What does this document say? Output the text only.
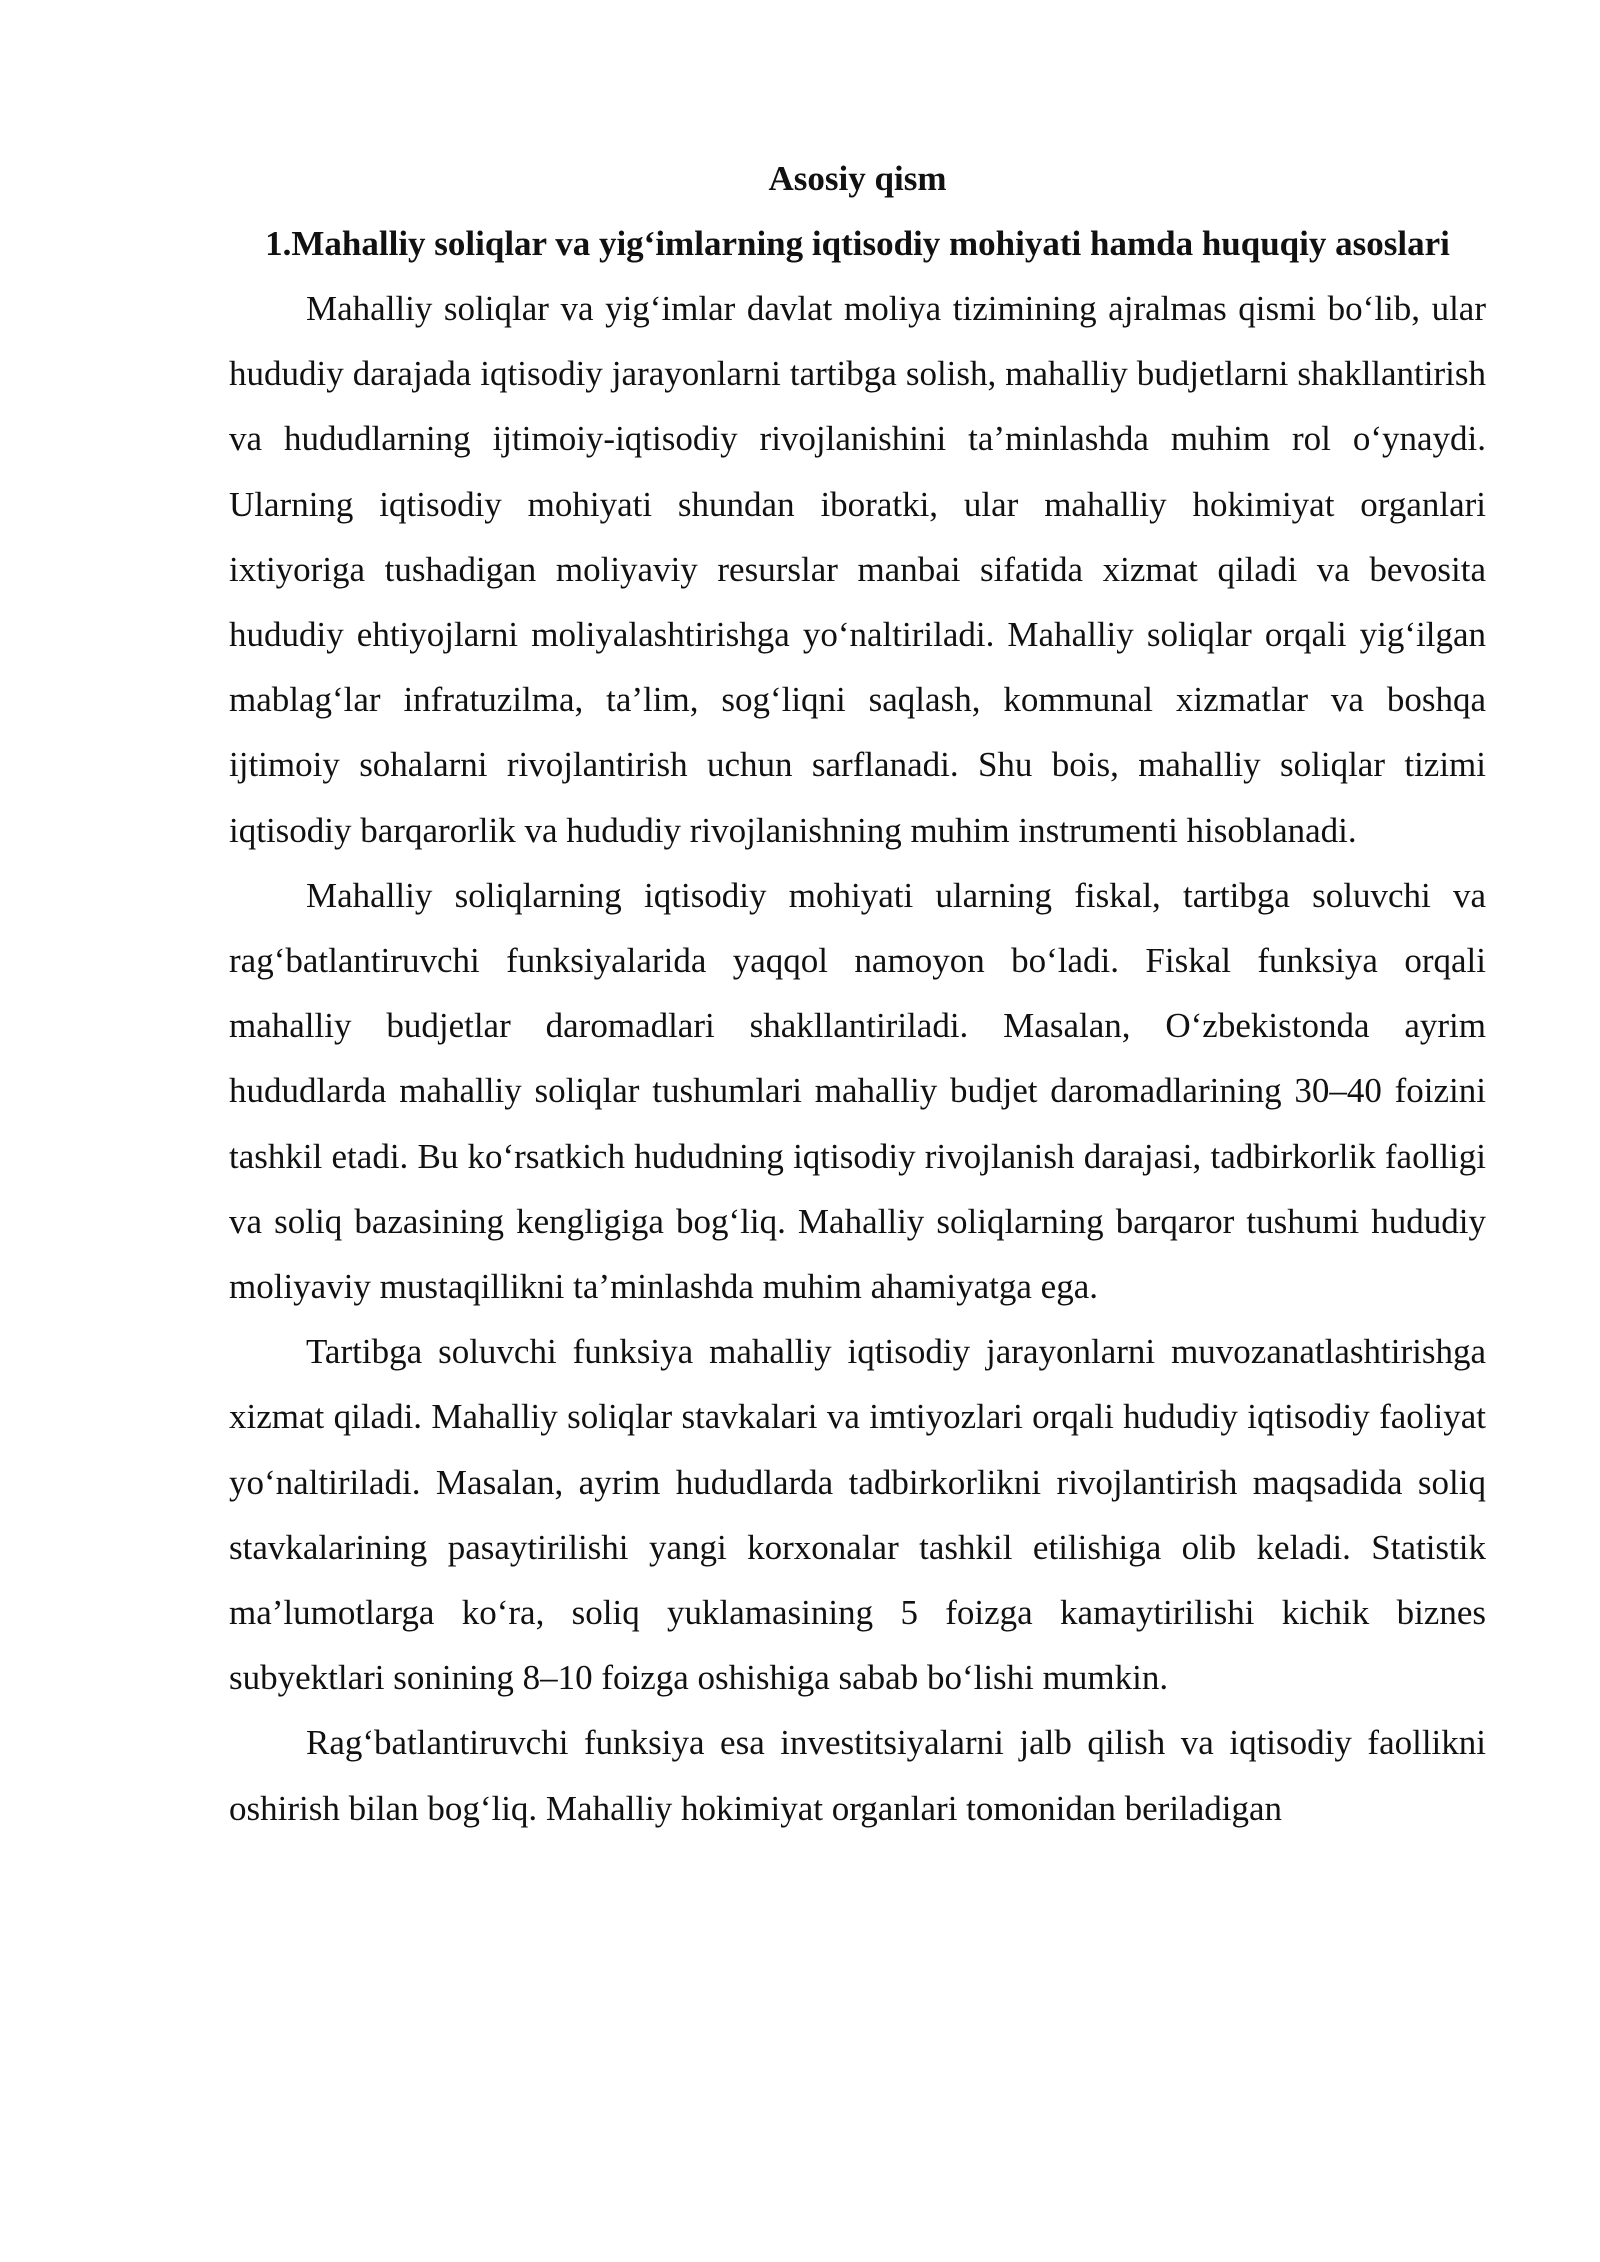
Asosiy qism
1.Mahalliy soliqlar va yig‘imlarning iqtisodiy mohiyati hamda huquqiy asoslari

Mahalliy soliqlar va yig‘imlar davlat moliya tizimining ajralmas qismi bo‘lib, ular hududiy darajada iqtisodiy jarayonlarni tartibga solish, mahalliy budjetlarni shakllantirish va hududlarning ijtimoiy-iqtisodiy rivojlanishini ta’minlashda muhim rol o‘ynaydi. Ularning iqtisodiy mohiyati shundan iboratki, ular mahalliy hokimiyat organlari ixtiyoriga tushadigan moliyaviy resurslar manbai sifatida xizmat qiladi va bevosita hududiy ehtiyojlarni moliyalashtirishga yo‘naltiriladi. Mahalliy soliqlar orqali yig‘ilgan mablag‘lar infratuzilma, ta’lim, sog‘liqni saqlash, kommunal xizmatlar va boshqa ijtimoiy sohalarni rivojlantirish uchun sarflanadi. Shu bois, mahalliy soliqlar tizimi iqtisodiy barqarorlik va hududiy rivojlanishning muhim instrumenti hisoblanadi.

Mahalliy soliqlarning iqtisodiy mohiyati ularning fiskal, tartibga soluvchi va rag‘batlantiruvchi funksiyalarida yaqqol namoyon bo‘ladi. Fiskal funksiya orqali mahalliy budjetlar daromadlari shakllantiriladi. Masalan, O‘zbekistonda ayrim hududlarda mahalliy soliqlar tushumlari mahalliy budjet daromadlarining 30–40 foizini tashkil etadi. Bu ko‘rsatkich hududning iqtisodiy rivojlanish darajasi, tadbirkorlik faolligi va soliq bazasining kengligiga bog‘liq. Mahalliy soliqlarning barqaror tushumi hududiy moliyaviy mustaqillikni ta’minlashda muhim ahamiyatga ega.

Tartibga soluvchi funksiya mahalliy iqtisodiy jarayonlarni muvozanatlashtirishga xizmat qiladi. Mahalliy soliqlar stavkalari va imtiyozlari orqali hududiy iqtisodiy faoliyat yo‘naltiriladi. Masalan, ayrim hududlarda tadbirkorlikni rivojlantirish maqsadida soliq stavkalarining pasaytirilishi yangi korxonalar tashkil etilishiga olib keladi. Statistik ma’lumotlarga ko‘ra, soliq yuklamasining 5 foizga kamaytirilishi kichik biznes subyektlari sonining 8–10 foizga oshishiga sabab bo‘lishi mumkin.

Rag‘batlantiruvchi funksiya esa investitsiyalarni jalb qilish va iqtisodiy faollikni oshirish bilan bog‘liq. Mahalliy hokimiyat organlari tomonidan beriladigan
